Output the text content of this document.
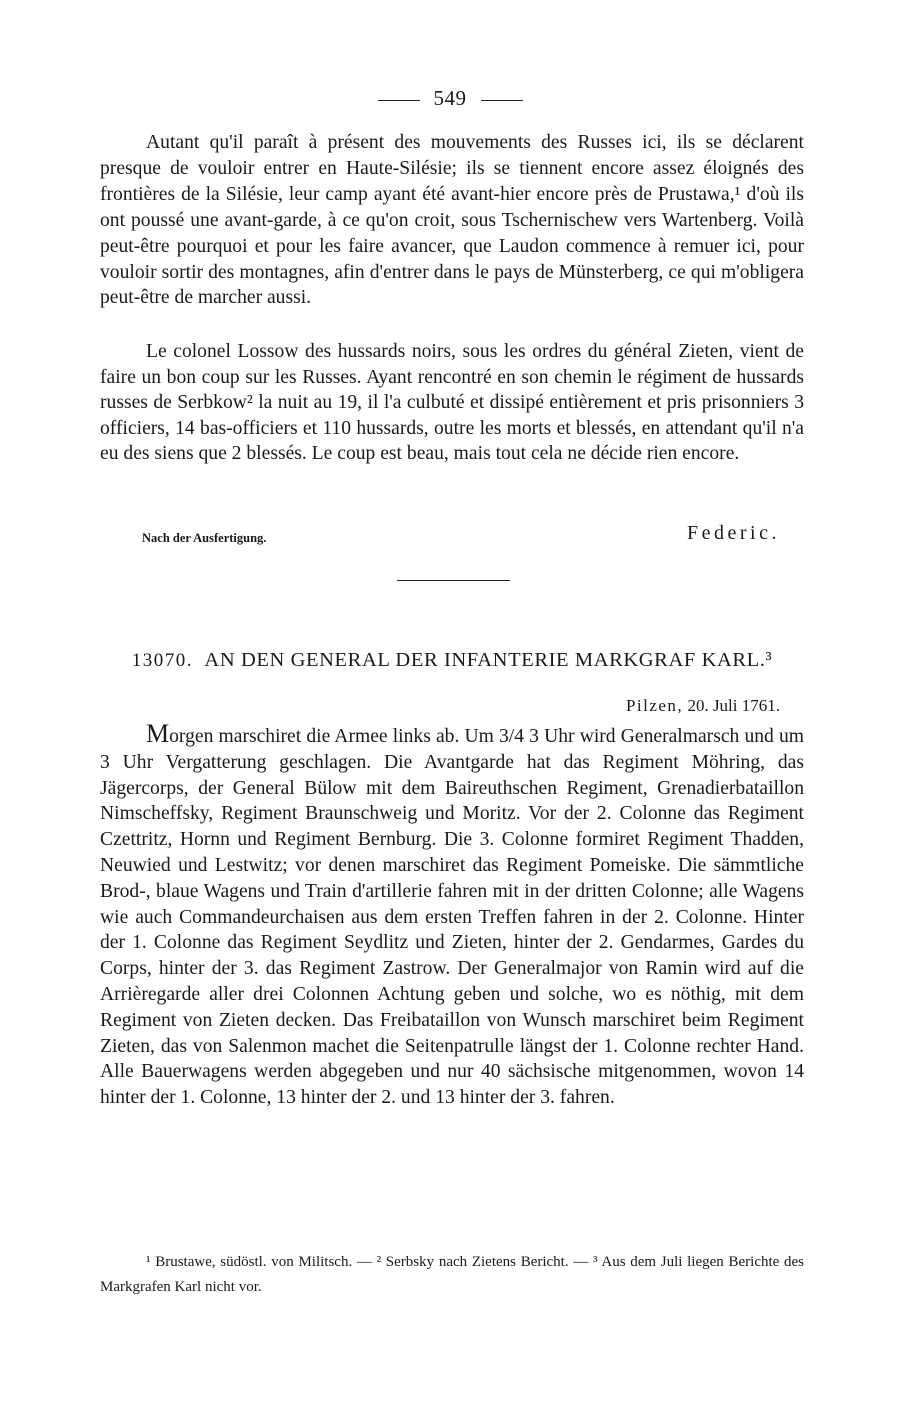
549

Autant qu'il paraît à présent des mouvements des Russes ici, ils se déclarent presque de vouloir entrer en Haute-Silésie; ils se tiennent encore assez éloignés des frontières de la Silésie, leur camp ayant été avant-hier encore près de Prustawa,¹ d'où ils ont poussé une avant-garde, à ce qu'on croit, sous Tschernischew vers Wartenberg. Voilà peut-être pourquoi et pour les faire avancer, que Laudon commence à remuer ici, pour vouloir sortir des montagnes, afin d'entrer dans le pays de Münsterberg, ce qui m'obligera peut-être de marcher aussi.

Le colonel Lossow des hussards noirs, sous les ordres du général Zieten, vient de faire un bon coup sur les Russes. Ayant rencontré en son chemin le régiment de hussards russes de Serbkow² la nuit au 19, il l'a culbuté et dissipé entièrement et pris prisonniers 3 officiers, 14 bas-officiers et 110 hussards, outre les morts et blessés, en attendant qu'il n'a eu des siens que 2 blessés. Le coup est beau, mais tout cela ne décide rien encore.

Nach der Ausfertigung.	Federic.
13070. AN DEN GENERAL DER INFANTERIE MARKGRAF KARL.³
Pilzen, 20. Juli 1761.

Morgen marschiret die Armee links ab. Um 3/4 3 Uhr wird Generalmarsch und um 3 Uhr Vergatterung geschlagen. Die Avantgarde hat das Regiment Möhring, das Jägercorps, der General Bülow mit dem Baireuthschen Regiment, Grenadierbataillon Nimscheffsky, Regiment Braunschweig und Moritz. Vor der 2. Colonne das Regiment Czettritz, Hornn und Regiment Bernburg. Die 3. Colonne formiret Regiment Thadden, Neuwied und Lestwitz; vor denen marschiret das Regiment Pomeiske. Die sämmtliche Brod-, blaue Wagens und Train d'artillerie fahren mit in der dritten Colonne; alle Wagens wie auch Commandeurchaisen aus dem ersten Treffen fahren in der 2. Colonne. Hinter der 1. Colonne das Regiment Seydlitz und Zieten, hinter der 2. Gendarmes, Gardes du Corps, hinter der 3. das Regiment Zastrow. Der Generalmajor von Ramin wird auf die Arrièregarde aller drei Colonnen Achtung geben und solche, wo es nöthig, mit dem Regiment von Zieten decken. Das Freibataillon von Wunsch marschiret beim Regiment Zieten, das von Salenmon machet die Seitenpatrulle längst der 1. Colonne rechter Hand. Alle Bauerwagens werden abgegeben und nur 40 sächsische mitgenommen, wovon 14 hinter der 1. Colonne, 13 hinter der 2. und 13 hinter der 3. fahren.

¹ Brustawe, südöstl. von Militsch. — ² Serbsky nach Zietens Bericht. — ³ Aus dem Juli liegen Berichte des Markgrafen Karl nicht vor.
